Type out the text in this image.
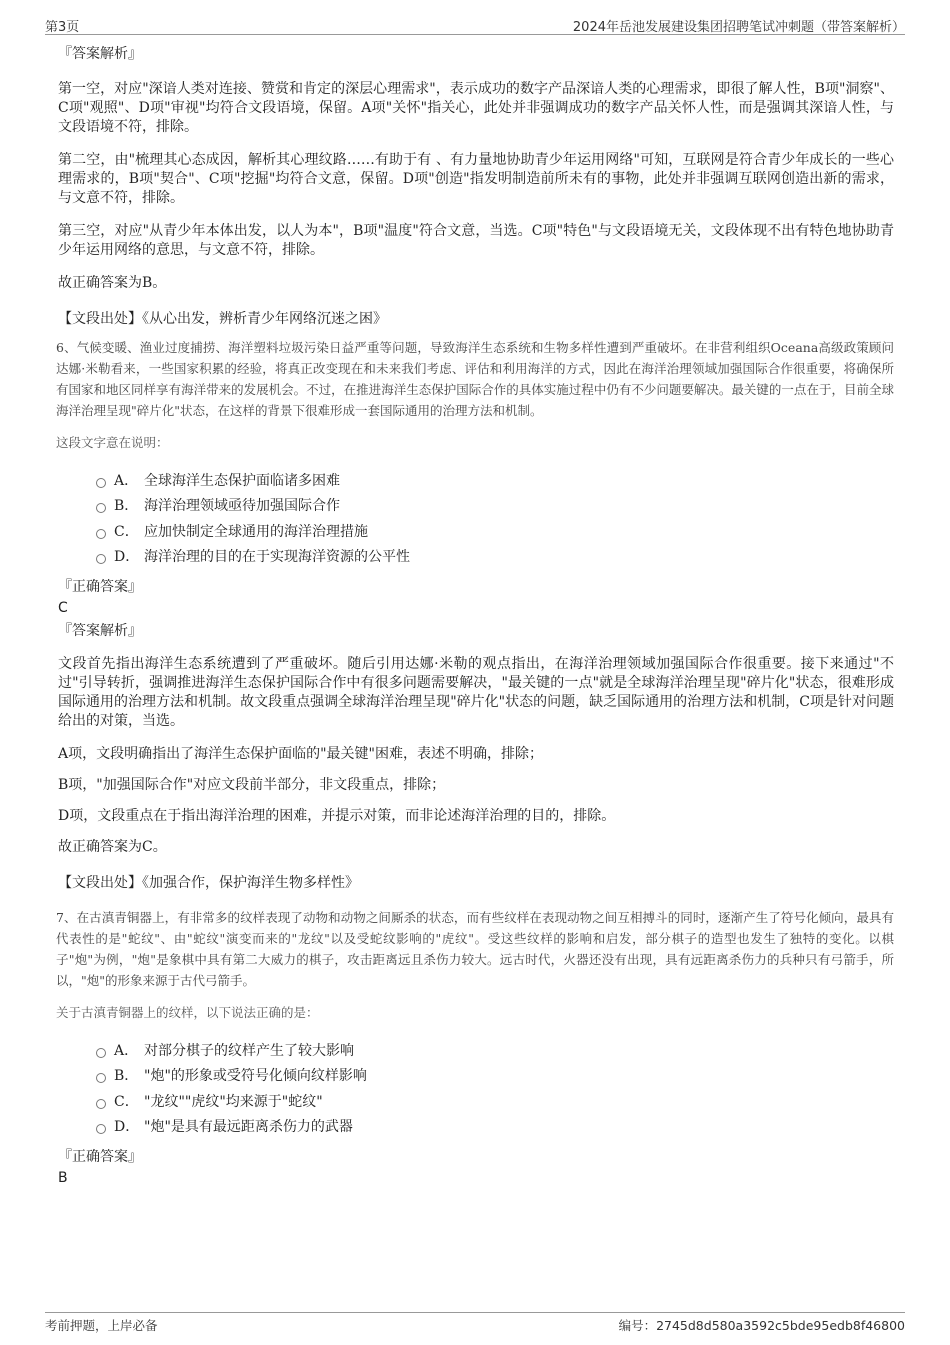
第3页	2024年岳池发展建设集团招聘笔试冲刺题（带答案解析）
『答案解析』

第一空，对应"深谙人类对连接、赞赏和肯定的深层心理需求"，表示成功的数字产品深谙人类的心理需求，即很了解人性，B项"洞察"、C项"观照"、D项"审视"均符合文段语境，保留。A项"关怀"指关心，此处并非强调成功的数字产品关怀人性，而是强调其深谙人性，与文段语境不符，排除。

第二空，由"梳理其心态成因，解析其心理纹路……有助于有 、有力量地协助青少年运用网络"可知，互联网是符合青少年成长的一些心理需求的，B项"契合"、C项"挖掘"均符合文意，保留。D项"创造"指发明制造前所未有的事物，此处并非强调互联网创造出新的需求，与文意不符，排除。

第三空，对应"从青少年本体出发，以人为本"，B项"温度"符合文意，当选。C项"特色"与文段语境无关，文段体现不出有特色地协助青少年运用网络的意思，与文意不符，排除。

故正确答案为B。

【文段出处】《从心出发，辨析青少年网络沉迷之困》

6、气候变暖、渔业过度捕捞、海洋塑料垃圾污染日益严重等问题，导致海洋生态系统和生物多样性遭到严重破坏。在非营利组织Oceana高级政策顾问达娜·米勒看来，一些国家积累的经验，将真正改变现在和未来我们考虑、评估和利用海洋的方式，因此在海洋治理领域加强国际合作很重要，将确保所有国家和地区同样享有海洋带来的发展机会。不过，在推进海洋生态保护国际合作的具体实施过程中仍有不少问题要解决。最关键的一点在于，目前全球海洋治理呈现"碎片化"状态，在这样的背景下很难形成一套国际通用的治理方法和机制。

这段文字意在说明：
A． 全球海洋生态保护面临诸多困难
B． 海洋治理领域亟待加强国际合作
C． 应加快制定全球通用的海洋治理措施
D． 海洋治理的目的在于实现海洋资源的公平性
『正确答案』
C
『答案解析』

文段首先指出海洋生态系统遭到了严重破坏。随后引用达娜·米勒的观点指出，在海洋治理领域加强国际合作很重要。接下来通过"不过"引导转折，强调推进海洋生态保护国际合作中有很多问题需要解决，"最关键的一点"就是全球海洋治理呈现"碎片化"状态，很难形成国际通用的治理方法和机制。故文段重点强调全球海洋治理呈现"碎片化"状态的问题，缺乏国际通用的治理方法和机制，C项是针对问题给出的对策，当选。

A项，文段明确指出了海洋生态保护面临的"最关键"困难，表述不明确，排除；

B项，"加强国际合作"对应文段前半部分，非文段重点，排除；

D项，文段重点在于指出海洋治理的困难，并提示对策，而非论述海洋治理的目的，排除。

故正确答案为C。

【文段出处】《加强合作，保护海洋生物多样性》

7、在古滇青铜器上，有非常多的纹样表现了动物和动物之间厮杀的状态，而有些纹样在表现动物之间互相搏斗的同时，逐渐产生了符号化倾向，最具有代表性的是"蛇纹"、由"蛇纹"演变而来的"龙纹"以及受蛇纹影响的"虎纹"。受这些纹样的影响和启发，部分棋子的造型也发生了独特的变化。以棋子"炮"为例，"炮"是象棋中具有第二大威力的棋子，攻击距离远且杀伤力较大。远古时代，火器还没有出现，具有远距离杀伤力的兵种只有弓箭手，所以，"炮"的形象来源于古代弓箭手。

关于古滇青铜器上的纹样，以下说法正确的是：
A． 对部分棋子的纹样产生了较大影响
B． "炮"的形象或受符号化倾向纹样影响
C． "龙纹""虎纹"均来源于"蛇纹"
D． "炮"是具有最远距离杀伤力的武器
『正确答案』
B
考前押题，上岸必备	编号：2745d8d580a3592c5bde95edb8f46800
